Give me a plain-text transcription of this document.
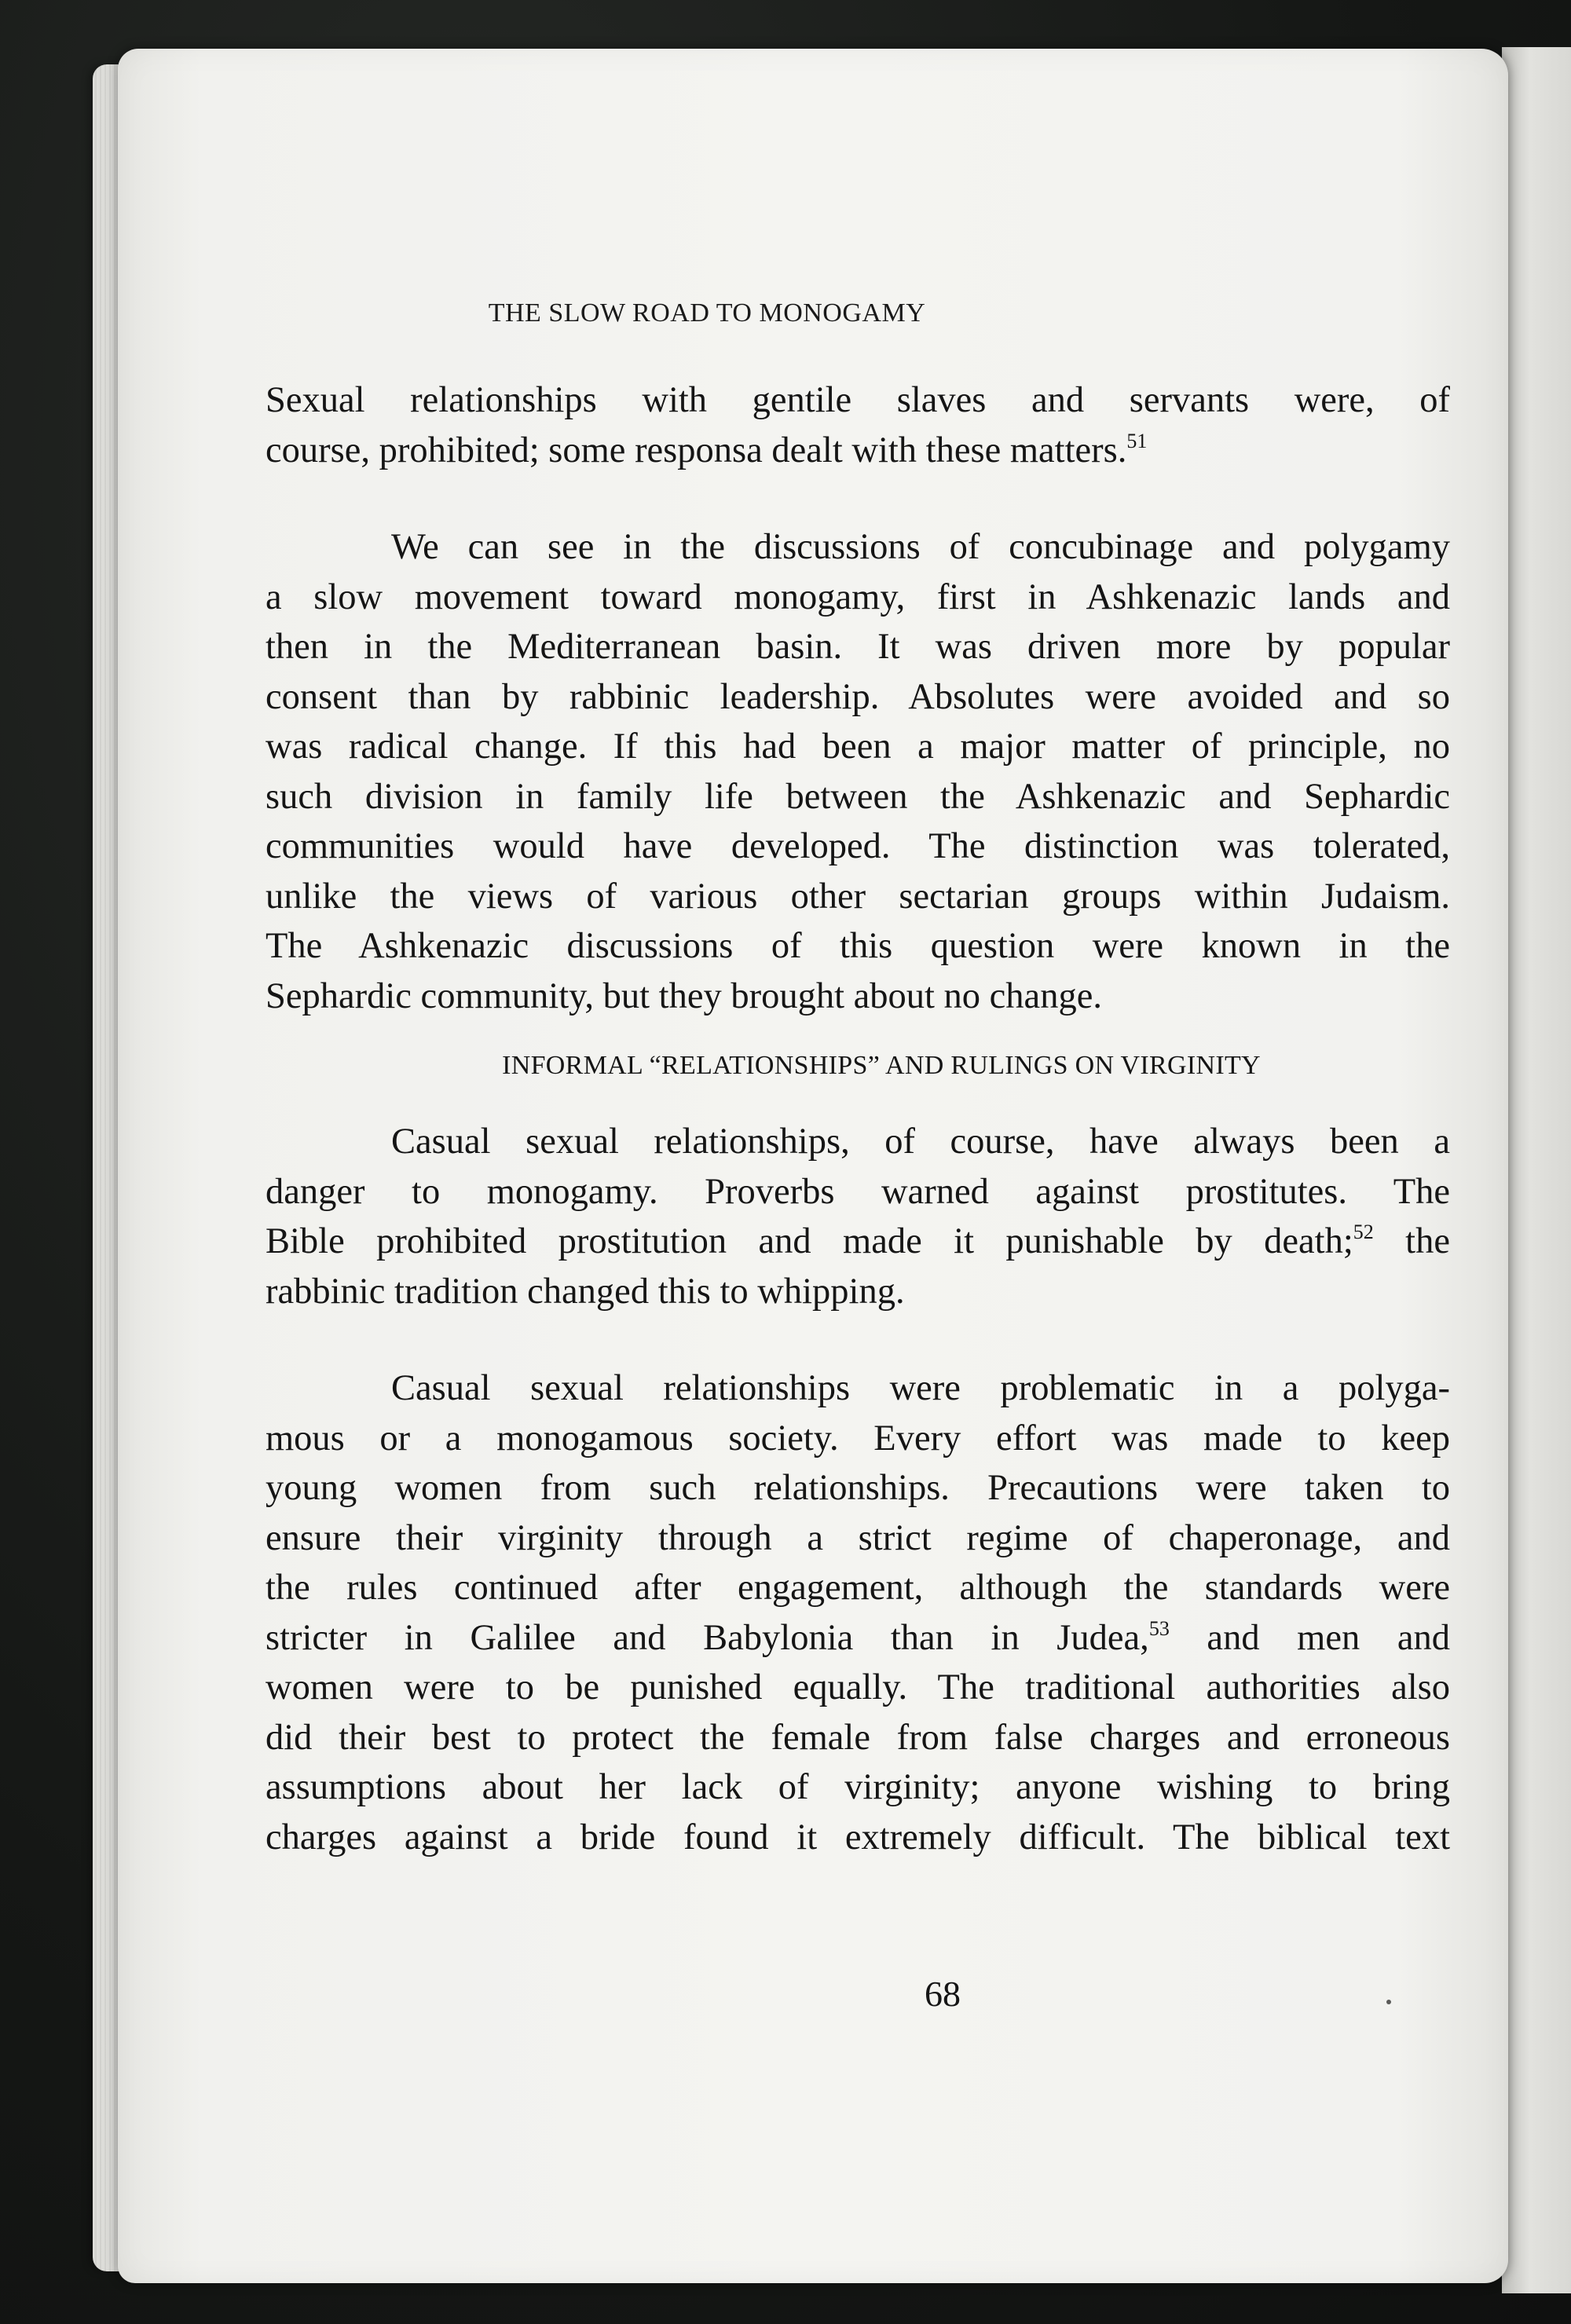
THE SLOW ROAD TO MONOGAMY
Sexual relationships with gentile slaves and servants were, of
course, prohibited; some responsa dealt with these matters.$^{51}$
We can see in the discussions of concubinage and polygamy
a slow movement toward monogamy, first in Ashkenazic lands and
then in the Mediterranean basin. It was driven more by popular
consent than by rabbinic leadership. Absolutes were avoided and so
was radical change. If this had been a major matter of principle, no
such division in family life between the Ashkenazic and Sephardic
communities would have developed. The distinction was tolerated,
unlike the views of various other sectarian groups within Judaism.
The Ashkenazic discussions of this question were known in the
Sephardic community, but they brought about no change.
INFORMAL “RELATIONSHIPS” AND RULINGS ON VIRGINITY
Casual sexual relationships, of course, have always been a
danger to monogamy. Proverbs warned against prostitutes. The
Bible prohibited prostitution and made it punishable by death;$^{52}$ the
rabbinic tradition changed this to whipping.
Casual sexual relationships were problematic in a polyga-
mous or a monogamous society. Every effort was made to keep
young women from such relationships. Precautions were taken to
ensure their virginity through a strict regime of chaperonage, and
the rules continued after engagement, although the standards were
stricter in Galilee and Babylonia than in Judea,$^{53}$ and men and
women were to be punished equally. The traditional authorities also
did their best to protect the female from false charges and erroneous
assumptions about her lack of virginity; anyone wishing to bring
charges against a bride found it extremely difficult. The biblical text
68
